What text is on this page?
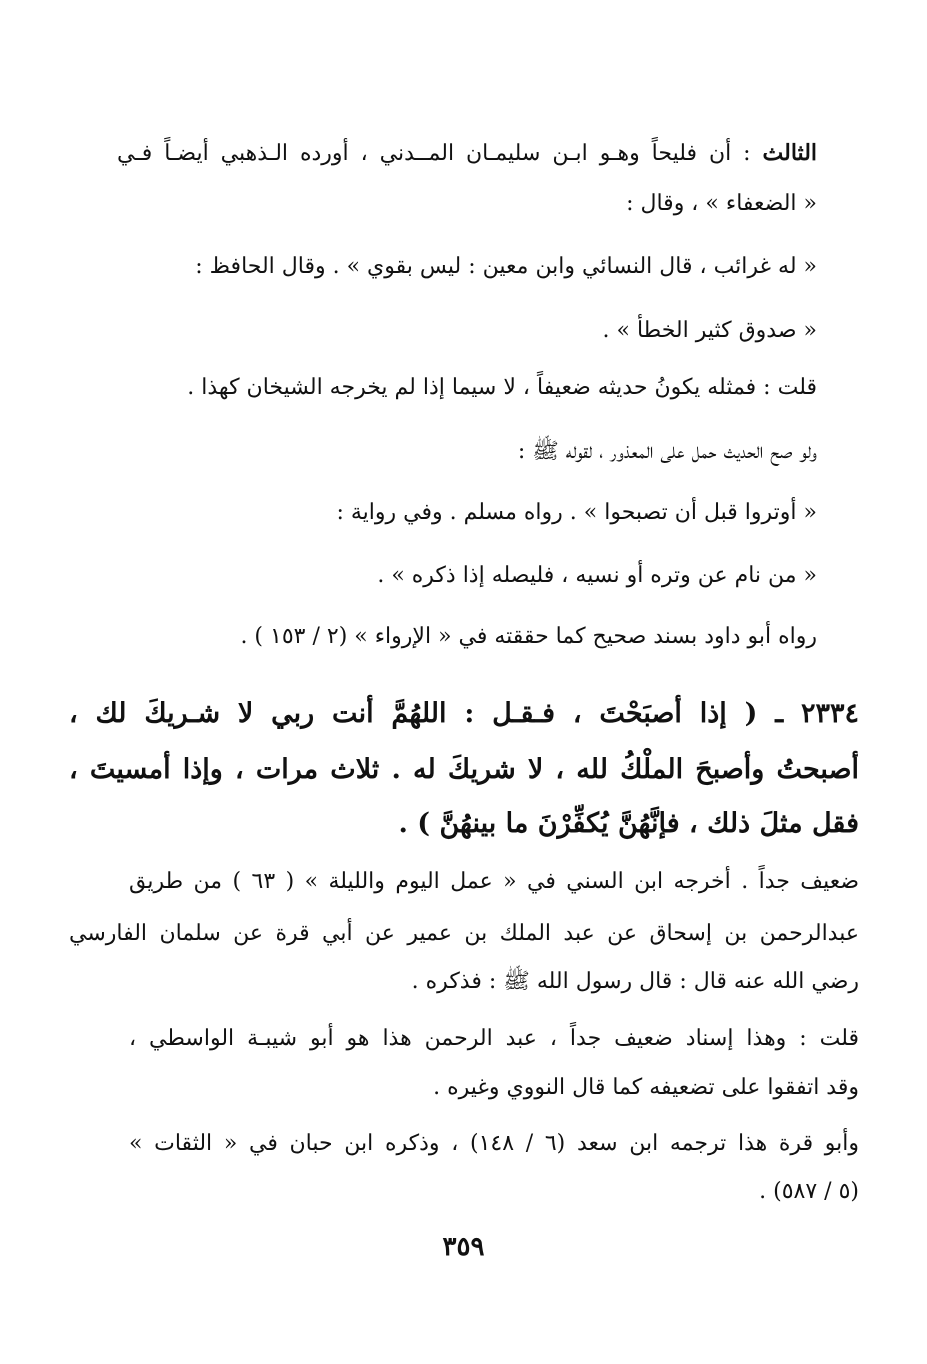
الثالث : أن فليحاً وهـو ابـن سليمـان المــدني ، أورده الـذهبي أيضـاً فـي
« الضعفاء » ، وقال :
« له غرائب ، قال النسائي وابن معين : ليس بقوي » . وقال الحافظ :
« صدوق كثير الخطأ » .
قلت : فمثله يكونُ حديثه ضعيفاً ، لا سيما إذا لم يخرجه الشيخان كهذا .
ولو صح الحديث حمل على المعذور ، لقوله ﷺ :
« أوتروا قبل أن تصبحوا » . رواه مسلم . وفي رواية :
« من نام عن وتره أو نسيه ، فليصله إذا ذكره » .
رواه أبو داود بسند صحيح كما حققته في « الإرواء » (٢ / ١٥٣ ) .
٢٣٣٤ ـ ( إذا أصبَحْتَ ، فـقـل : اللهُمَّ أنت ربي لا شـريكَ لك ،
أصبحتُ وأصبحَ الملْكُ لله ، لا شريكَ له . ثلاث مرات ، وإذا أمسيتَ ،
فقل مثلَ ذلك ، فإنَّهُنَّ يُكفِّرْنَ ما بينهُنَّ ) .
ضعيف جداً . أخرجه ابن السني في « عمل اليوم والليلة » ( ٦٣ ) من طريق
عبدالرحمن بن إسحاق عن عبد الملك بن عمير عن أبي قرة عن سلمان الفارسي
رضي الله عنه قال : قال رسول الله ﷺ : فذكره .
قلت : وهذا إسناد ضعيف جداً ، عبد الرحمن هذا هو أبو شيبـة الواسطي ،
وقد اتفقوا على تضعيفه كما قال النووي وغيره .
وأبو قرة هذا ترجمه ابن سعد (٦ / ١٤٨) ، وذكره ابن حبان في « الثقات »
(٥ / ٥٨٧) .
٣٥٩
